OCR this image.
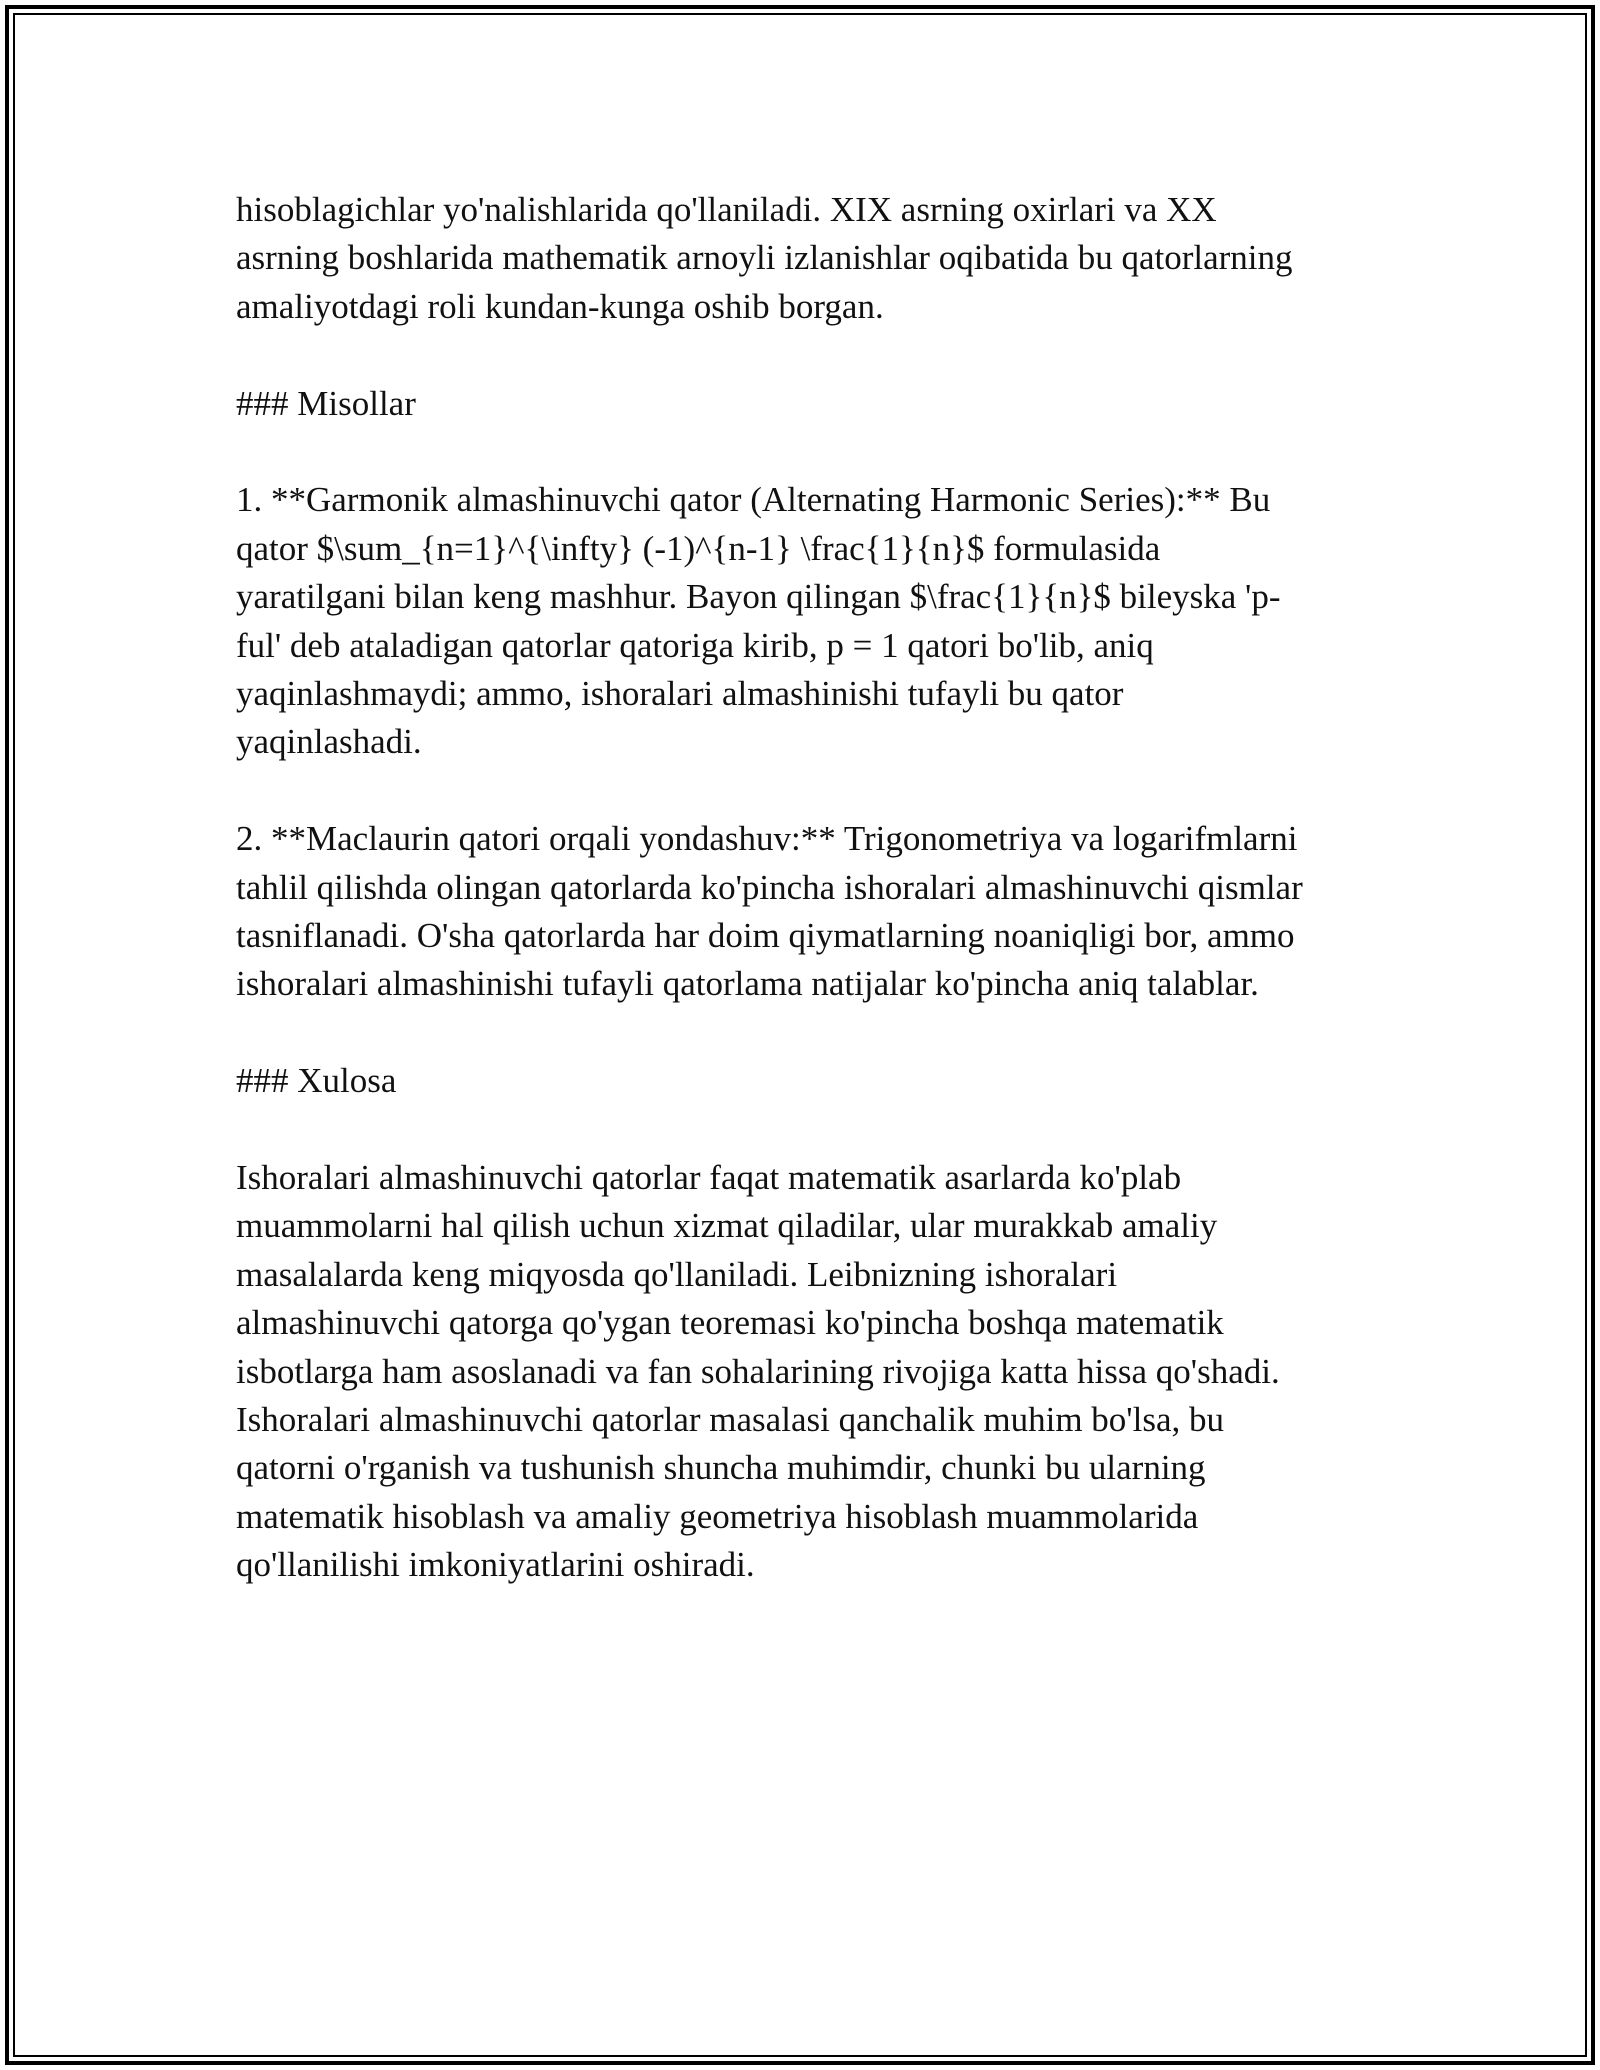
hisoblagichlar yo'nalishlarida qo'llaniladi. XIX asrning oxirlari va XX
asrning boshlarida mathematik arnoyli izlanishlar oqibatida bu qatorlarning
amaliyotdagi roli kundan-kunga oshib borgan.

### Misollar

1. **Garmonik almashinuvchi qator (Alternating Harmonic Series):** Bu
qator $\sum_{n=1}^{\infty} (-1)^{n-1} \frac{1}{n}$ formulasida
yaratilgani bilan keng mashhur. Bayon qilingan $\frac{1}{n}$ bileyska 'p-
ful' deb ataladigan qatorlar qatoriga kirib, p = 1 qatori bo'lib, aniq
yaqinlashmaydi; ammo, ishoralari almashinishi tufayli bu qator
yaqinlashadi.

2. **Maclaurin qatori orqali yondashuv:** Trigonometriya va logarifmlarni
tahlil qilishda olingan qatorlarda ko'pincha ishoralari almashinuvchi qismlar
tasniflanadi. O'sha qatorlarda har doim qiymatlarning noaniqligi bor, ammo
ishoralari almashinishi tufayli qatorlama natijalar ko'pincha aniq talablar.

### Xulosa

Ishoralari almashinuvchi qatorlar faqat matematik asarlarda ko'plab
muammolarni hal qilish uchun xizmat qiladilar, ular murakkab amaliy
masalalarda keng miqyosda qo'llaniladi. Leibnizning ishoralari
almashinuvchi qatorga qo'ygan teoremasi ko'pincha boshqa matematik
isbotlarga ham asoslanadi va fan sohalarining rivojiga katta hissa qo'shadi.
Ishoralari almashinuvchi qatorlar masalasi qanchalik muhim bo'lsa, bu
qatorni o'rganish va tushunish shuncha muhimdir, chunki bu ularning
matematik hisoblash va amaliy geometriya hisoblash muammolarida
qo'llanilishi imkoniyatlarini oshiradi.
